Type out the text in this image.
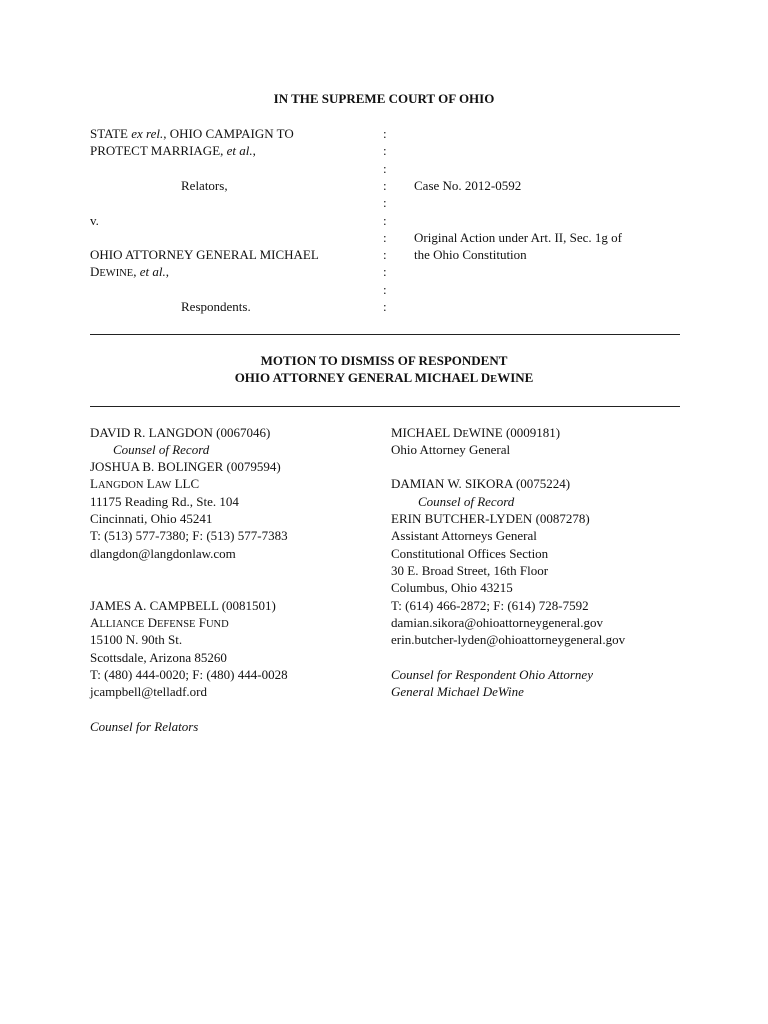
IN THE SUPREME COURT OF OHIO
STATE ex rel., OHIO CAMPAIGN TO
PROTECT MARRIAGE, et al.,
Relators,
v.
OHIO ATTORNEY GENERAL MICHAEL
DEWINE, et al.,
Respondents.
:
:
:
:
:
:
:
:
:
:
:
Case No. 2012-0592
Original Action under Art. II, Sec. 1g of
the Ohio Constitution
MOTION TO DISMISS OF RESPONDENT
OHIO ATTORNEY GENERAL MICHAEL DEWINE
DAVID R. LANGDON (0067046)
Counsel of Record
JOSHUA B. BOLINGER (0079594)
LANGDON LAW LLC
11175 Reading Rd., Ste. 104
Cincinnati, Ohio 45241
T: (513) 577-7380; F: (513) 577-7383
dlangdon@langdonlaw.com
JAMES A. CAMPBELL (0081501)
ALLIANCE DEFENSE FUND
15100 N. 90th St.
Scottsdale, Arizona 85260
T: (480) 444-0020; F: (480) 444-0028
jcampbell@telladf.ord
Counsel for Relators
MICHAEL DEWINE (0009181)
Ohio Attorney General
DAMIAN W. SIKORA (0075224)
Counsel of Record
ERIN BUTCHER-LYDEN (0087278)
Assistant Attorneys General
Constitutional Offices Section
30 E. Broad Street, 16th Floor
Columbus, Ohio 43215
T: (614) 466-2872; F: (614) 728-7592
damian.sikora@ohioattorneygeneral.gov
erin.butcher-lyden@ohioattorneygeneral.gov
Counsel for Respondent Ohio Attorney
General Michael DeWine
